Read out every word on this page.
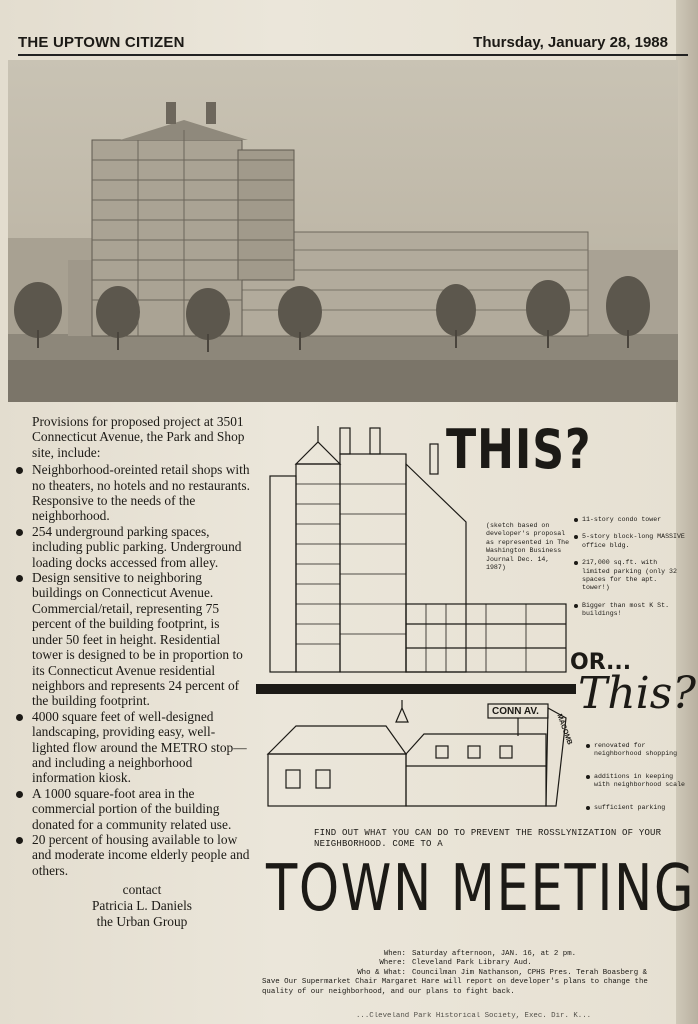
THE UPTOWN CITIZEN	Thursday, January 28, 1988

Provisions for proposed project at 3501 Connecticut Avenue, the Park and Shop site, include:

Neighborhood-oreinted retail shops with no theaters, no hotels and no restaurants. Responsive to the needs of the neighborhood.
254 underground parking spaces, including public parking. Underground loading docks accessed from alley.
Design sensitive to neighboring buildings on Connecticut Avenue. Commercial/retail, representing 75 percent of the building footprint, is under 50 feet in height. Residential tower is designed to be in proportion to its Connecticut Avenue residential neighbors and represents 24 percent of the building footprint.
4000 square feet of well-designed landscaping, providing easy, well-lighted flow around the METRO stop—and including a neighborhood information kiosk.
A 1000 square-foot area in the commercial portion of the building donated for a community related use.
20 percent of housing available to low and moderate income elderly people and others.
contact
Patricia L. Daniels
the Urban Group
THIS?
CONN AV.
MACOMB
(sketch based on developer's proposal as represented in The Washington Business Journal Dec. 14, 1987)
11-story condo tower
5-story block-long MASSIVE office bldg.
217,000 sq.ft. with limited parking (only 32 spaces for the apt. tower!)
Bigger than most K St. buildings!
OR...
This?
renovated for neighborhood shopping
additions in keeping with neighborhood scale
sufficient parking
FIND OUT WHAT YOU CAN DO TO PREVENT THE ROSSLYNIZATION OF YOUR NEIGHBORHOOD. COME TO A
TOWN MEETING
When: Saturday afternoon, JAN. 16, at 2 pm.
Where: Cleveland Park Library Aud.
Who & What: Councilman Jim Nathanson, CPHS Pres. Terah Boasberg &
Save Our Supermarket Chair Margaret Hare will report on developer's plans to change the
quality of our neighborhood, and our plans to fight back.
...Cleveland Park Historical Society, Exec. Dir. K...
